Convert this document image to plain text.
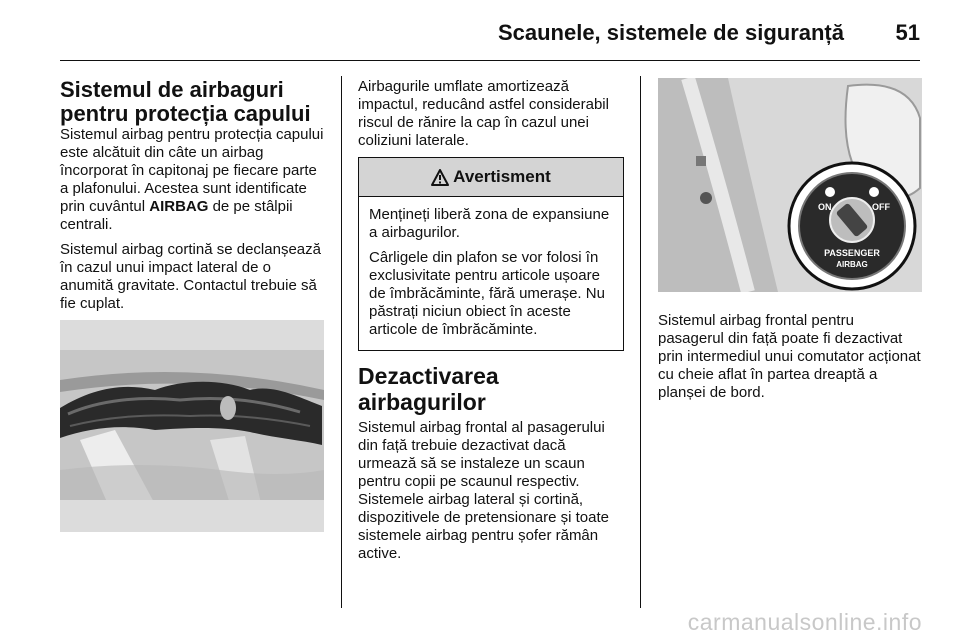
Scaunele, sistemele de siguranță 51
Sistemul de airbaguri pentru protecția capului

Sistemul airbag pentru protecția capului este alcătuit din câte un airbag încorporat în capitonaj pe fiecare parte a plafonului. Acestea sunt identificate prin cuvântul AIRBAG de pe stâlpii centrali.

Sistemul airbag cortină se declanșează în cazul unui impact lateral de o anumită gravitate. Contactul trebuie să fie cuplat.

Airbagurile umflate amortizează impactul, reducând astfel considerabil riscul de rănire la cap în cazul unei coliziuni laterale.

Avertisment

Mențineți liberă zona de expansiune a airbagurilor.

Cârligele din plafon se vor folosi în exclusivitate pentru articole ușoare de îmbrăcăminte, fără umerașe. Nu păstrați niciun obiect în aceste articole de îmbrăcăminte.

Dezactivarea airbagurilor

Sistemul airbag frontal al pasagerului din față trebuie dezactivat dacă urmează să se instaleze un scaun pentru copii pe scaunul respectiv. Sistemele airbag lateral și cortină, dispozitivele de pretensionare și toate sistemele airbag pentru șofer rămân active.

ON	OFF
PASSENGER
AIRBAG

Sistemul airbag frontal pentru pasagerul din față poate fi dezactivat prin intermediul unui comutator acționat cu cheie aflat în partea dreaptă a planșei de bord.

carmanualsonline.info
